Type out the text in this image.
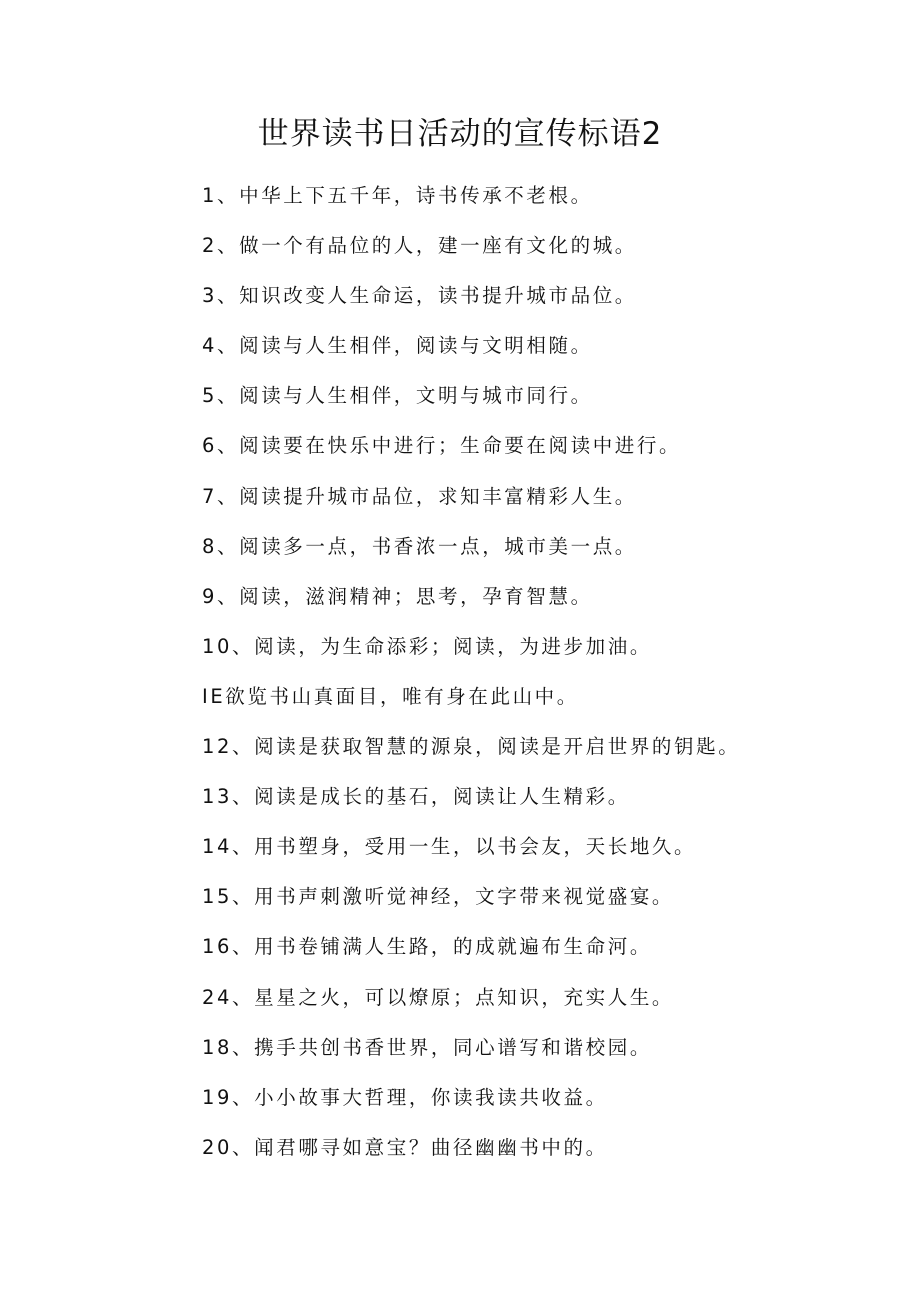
世界读书日活动的宣传标语2
1、中华上下五千年，诗书传承不老根。
2、做一个有品位的人，建一座有文化的城。
3、知识改变人生命运，读书提升城市品位。
4、阅读与人生相伴，阅读与文明相随。
5、阅读与人生相伴，文明与城市同行。
6、阅读要在快乐中进行；生命要在阅读中进行。
7、阅读提升城市品位，求知丰富精彩人生。
8、阅读多一点，书香浓一点，城市美一点。
9、阅读，滋润精神；思考，孕育智慧。
10、阅读，为生命添彩；阅读，为进步加油。
IE欲览书山真面目，唯有身在此山中。
12、阅读是获取智慧的源泉，阅读是开启世界的钥匙。
13、阅读是成长的基石，阅读让人生精彩。
14、用书塑身，受用一生，以书会友，天长地久。
15、用书声刺激听觉神经，文字带来视觉盛宴。
16、用书卷铺满人生路，的成就遍布生命河。
24、星星之火，可以燎原；点知识，充实人生。
18、携手共创书香世界，同心谱写和谐校园。
19、小小故事大哲理，你读我读共收益。
20、闻君哪寻如意宝？曲径幽幽书中的。
